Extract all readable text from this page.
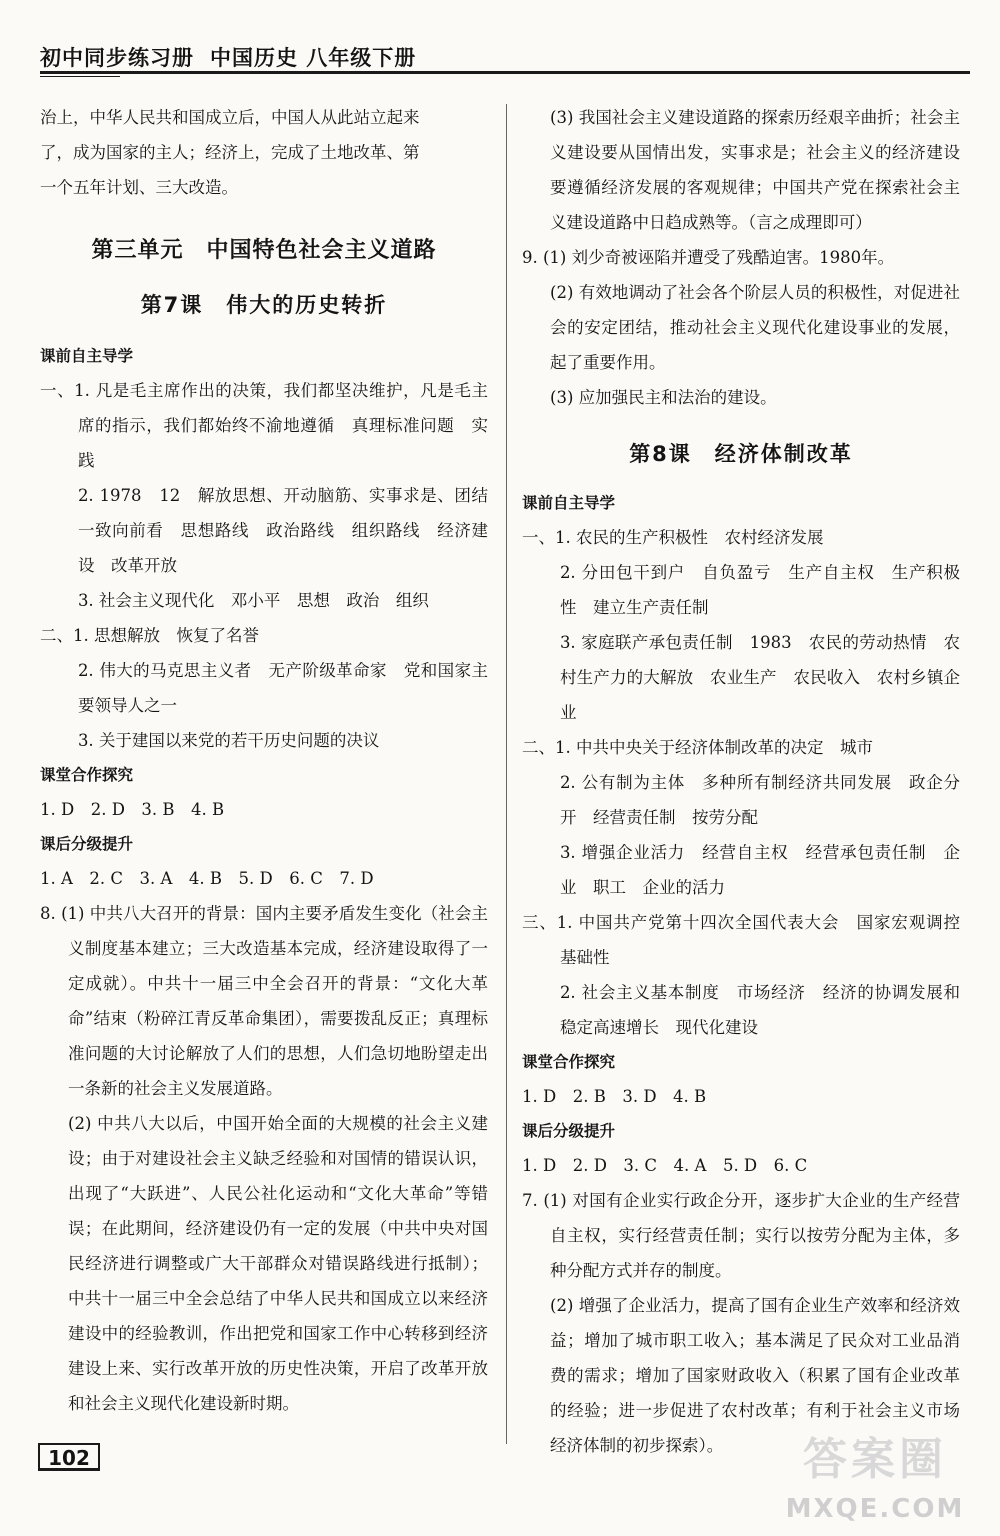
初中同步练习册 中国历史 八年级下册
治上，中华人民共和国成立后，中国人从此站立起来
了，成为国家的主人；经济上，完成了土地改革、第
一个五年计划、三大改造。
第三单元　中国特色社会主义道路
第7课　伟大的历史转折
课前自主导学
一、1. 凡是毛主席作出的决策，我们都坚决维护，凡是毛主席的指示，我们都始终不渝地遵循　真理标准问题　实践
2. 1978　12　解放思想、开动脑筋、实事求是、团结一致向前看　思想路线　政治路线　组织路线　经济建设　改革开放
3. 社会主义现代化　邓小平　思想　政治　组织
二、1. 思想解放　恢复了名誉
2. 伟大的马克思主义者　无产阶级革命家　党和国家主要领导人之一
3. 关于建国以来党的若干历史问题的决议
课堂合作探究
1. D　2. D　3. B　4. B
课后分级提升
1. A　2. C　3. A　4. B　5. D　6. C　7. D
8. (1) 中共八大召开的背景：国内主要矛盾发生变化（社会主义制度基本建立；三大改造基本完成，经济建设取得了一定成就）。中共十一届三中全会召开的背景：“文化大革命”结束（粉碎江青反革命集团），需要拨乱反正；真理标准问题的大讨论解放了人们的思想，人们急切地盼望走出一条新的社会主义发展道路。
(2) 中共八大以后，中国开始全面的大规模的社会主义建设；由于对建设社会主义缺乏经验和对国情的错误认识，出现了“大跃进”、人民公社化运动和“文化大革命”等错误；在此期间，经济建设仍有一定的发展（中共中央对国民经济进行调整或广大干部群众对错误路线进行抵制）；中共十一届三中全会总结了中华人民共和国成立以来经济建设中的经验教训，作出把党和国家工作中心转移到经济建设上来、实行改革开放的历史性决策，开启了改革开放和社会主义现代化建设新时期。
(3) 我国社会主义建设道路的探索历经艰辛曲折；社会主义建设要从国情出发，实事求是；社会主义的经济建设要遵循经济发展的客观规律；中国共产党在探索社会主义建设道路中日趋成熟等。（言之成理即可）
9. (1) 刘少奇被诬陷并遭受了残酷迫害。1980年。
(2) 有效地调动了社会各个阶层人员的积极性，对促进社会的安定团结，推动社会主义现代化建设事业的发展，起了重要作用。
(3) 应加强民主和法治的建设。
第8课　经济体制改革
课前自主导学
一、1. 农民的生产积极性　农村经济发展
2. 分田包干到户　自负盈亏　生产自主权　生产积极性　建立生产责任制
3. 家庭联产承包责任制　1983　农民的劳动热情　农村生产力的大解放　农业生产　农民收入　农村乡镇企业
二、1. 中共中央关于经济体制改革的决定　城市
2. 公有制为主体　多种所有制经济共同发展　政企分开　经营责任制　按劳分配
3. 增强企业活力　经营自主权　经营承包责任制　企业　职工　企业的活力
三、1. 中国共产党第十四次全国代表大会　国家宏观调控　基础性
2. 社会主义基本制度　市场经济　经济的协调发展和稳定高速增长　现代化建设
课堂合作探究
1. D　2. B　3. D　4. B
课后分级提升
1. D　2. D　3. C　4. A　5. D　6. C
7. (1) 对国有企业实行政企分开，逐步扩大企业的生产经营自主权，实行经营责任制；实行以按劳分配为主体，多种分配方式并存的制度。
(2) 增强了企业活力，提高了国有企业生产效率和经济效益；增加了城市职工收入；基本满足了民众对工业品消费的需求；增加了国家财政收入（积累了国有企业改革的经验；进一步促进了农村改革；有利于社会主义市场经济体制的初步探索）。
102	答案圈
MXQE.COM
